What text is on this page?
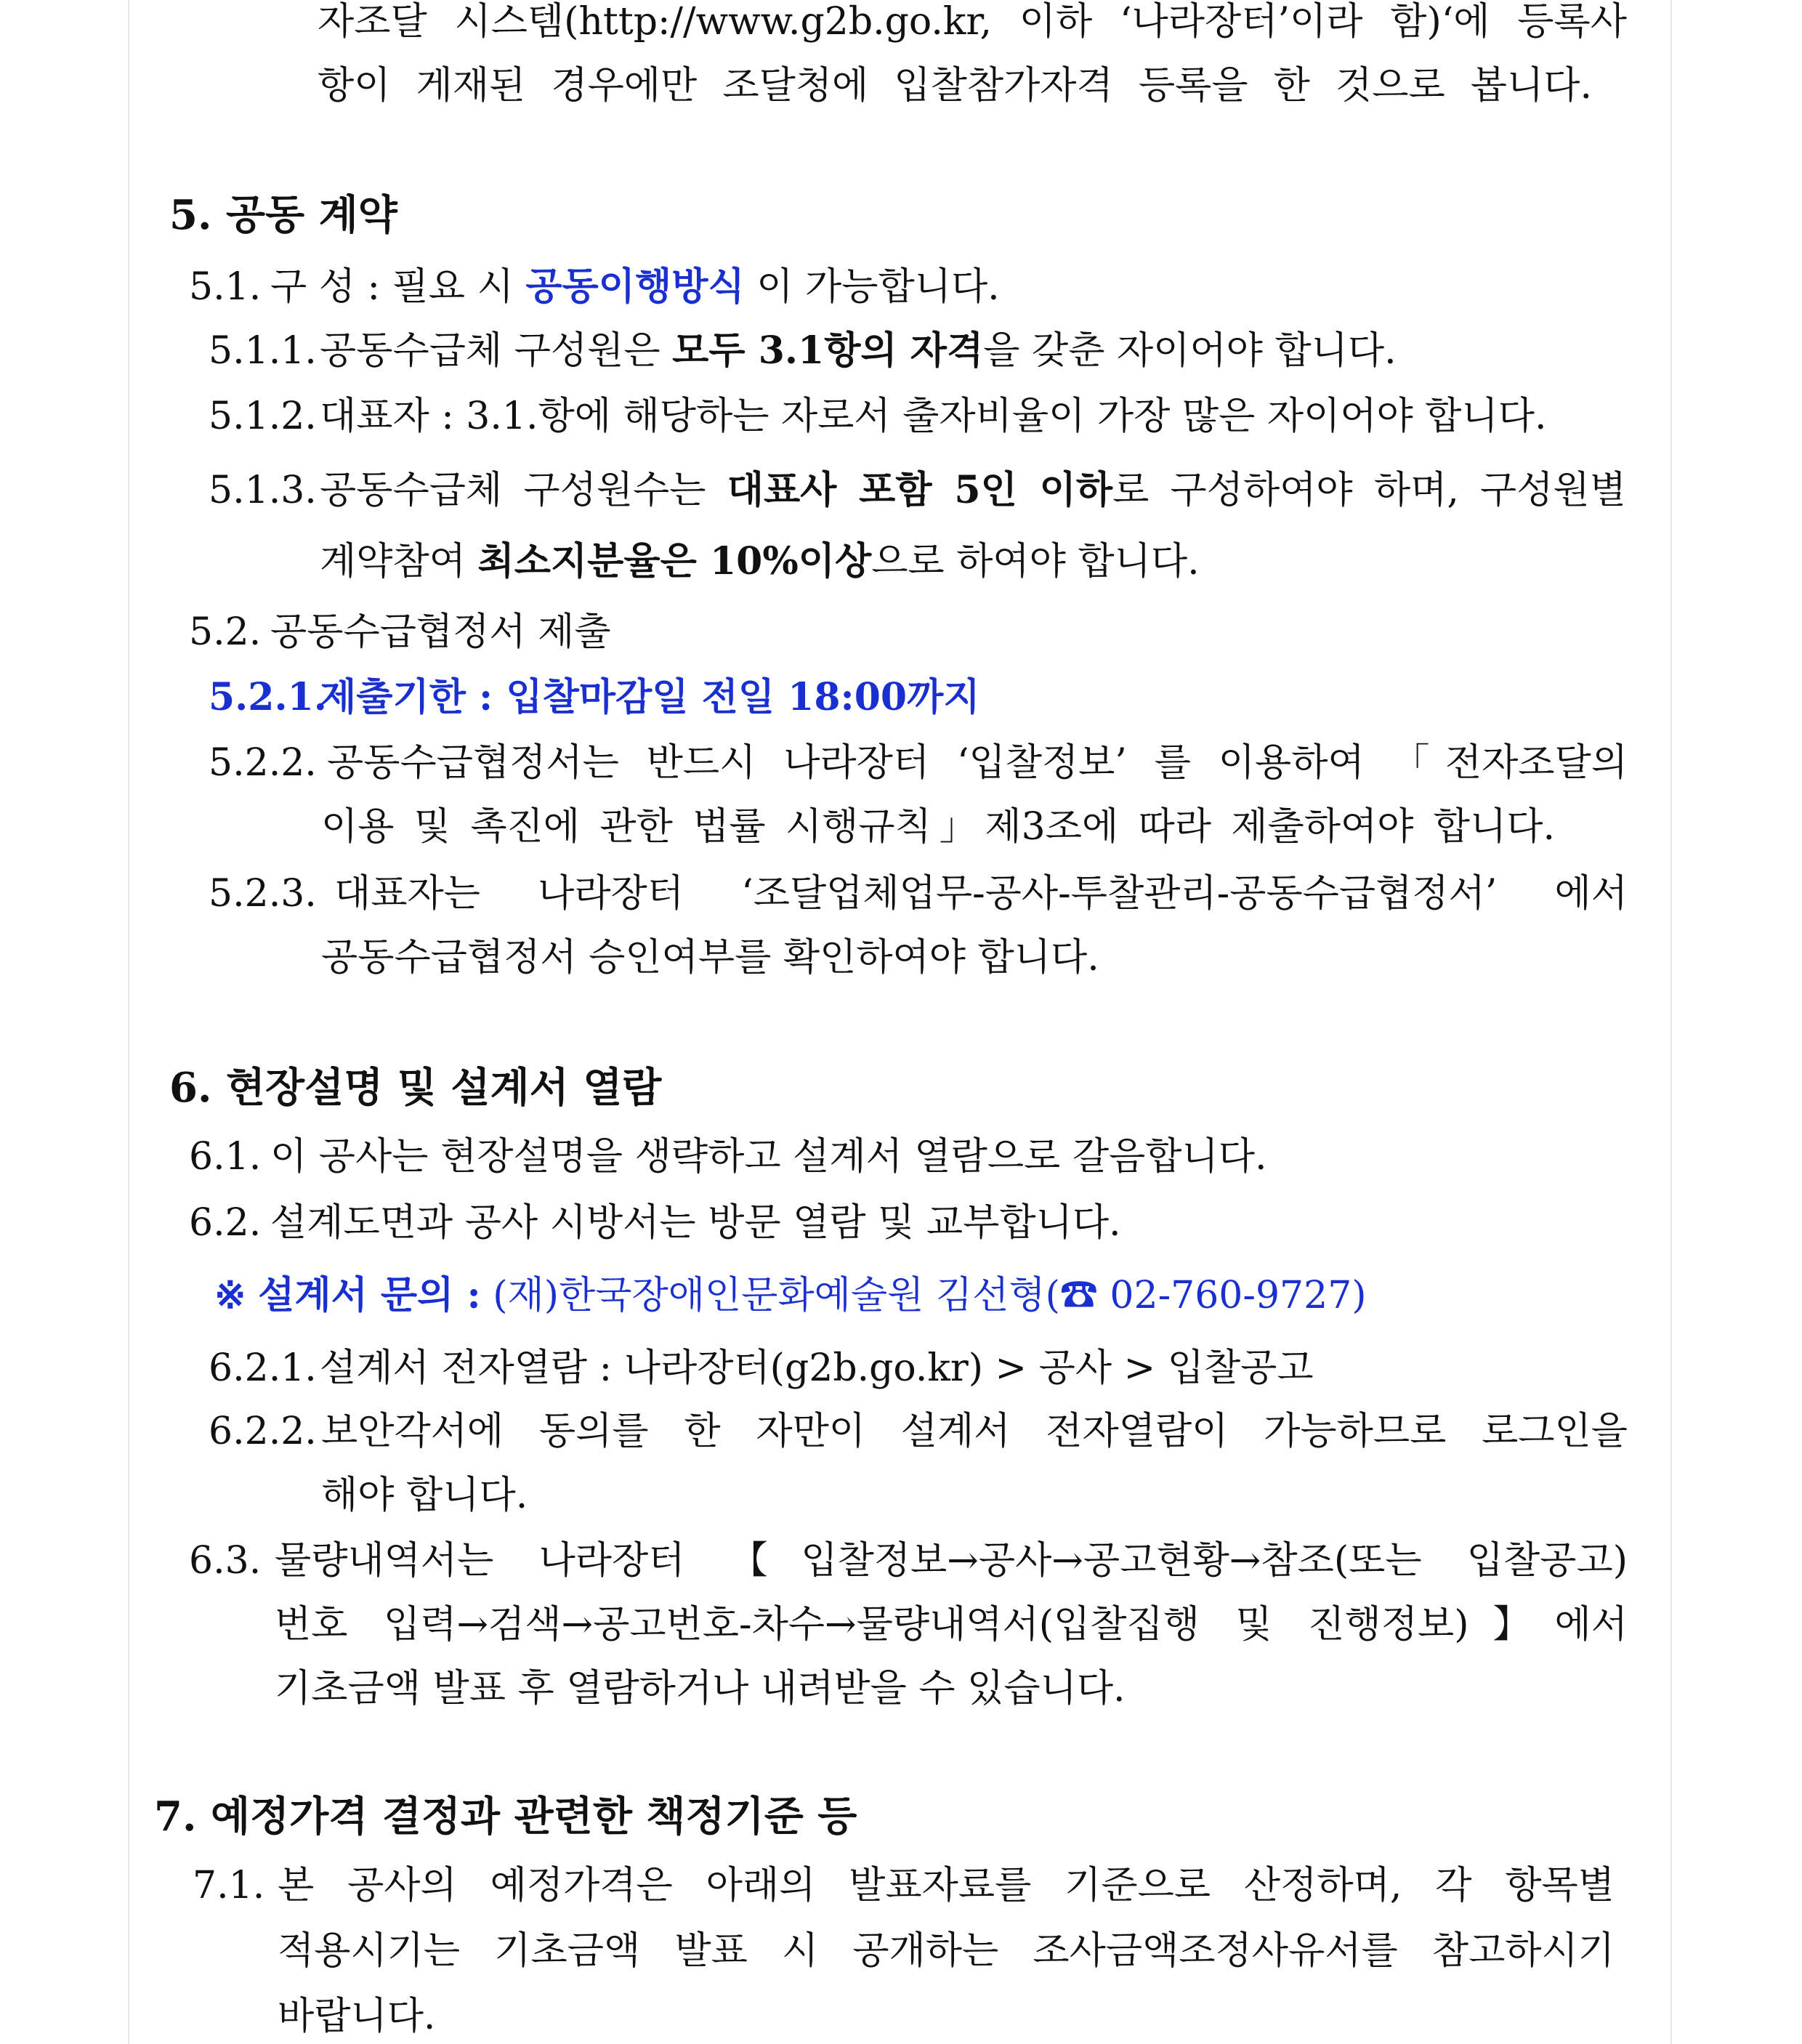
자조달 시스템(http://www.g2b.go.kr, 이하 ‘나라장터’이라 함)‘에 등록사
항이 게재된 경우에만 조달청에 입찰참가자격 등록을 한 것으로 봅니다.
5. 공동 계약
5.1. 구 성 : 필요 시 공동이행방식 이 가능합니다.
5.1.1. 공동수급체 구성원은 모두 3.1항의 자격을 갖춘 자이어야 합니다.
5.1.2. 대표자 : 3.1.항에 해당하는 자로서 출자비율이 가장 많은 자이어야 합니다.
5.1.3. 공동수급체 구성원수는 대표사 포함 5인 이하로 구성하여야 하며, 구성원별
계약참여 최소지분율은 10%이상으로 하여야 합니다.
5.2. 공동수급협정서 제출
5.2.1.
제출기한 : 입찰마감일 전일 18:00까지
5.2.2. 공동수급협정서는 반드시 나라장터 ‘입찰정보’ 를 이용하여 「전자조달의
이용 및 촉진에 관한 법률 시행규칙」제3조에 따라 제출하여야 합니다.
5.2.3. 대표자는 나라장터 ‘조달업체업무-공사-투찰관리-공동수급협정서’ 에서
공동수급협정서 승인여부를 확인하여야 합니다.
6. 현장설명 및 설계서 열람
6.1. 이 공사는 현장설명을 생략하고 설계서 열람으로 갈음합니다.
6.2. 설계도면과 공사 시방서는 방문 열람 및 교부합니다.
※ 설계서 문의 : (재)한국장애인문화예술원 김선형(☎ 02-760-9727)
6.2.1. 설계서 전자열람 : 나라장터(g2b.go.kr) > 공사 > 입찰공고
6.2.2. 보안각서에 동의를 한 자만이 설계서 전자열람이 가능하므로 로그인을
해야 합니다.
6.3. 물량내역서는 나라장터 【입찰정보→공사→공고현황→참조(또는 입찰공고)
번호 입력→검색→공고번호-차수→물량내역서(입찰집행 및 진행정보)】에서
기초금액 발표 후 열람하거나 내려받을 수 있습니다.
7. 예정가격 결정과 관련한 책정기준 등
7.1. 본 공사의 예정가격은 아래의 발표자료를 기준으로 산정하며, 각 항목별
적용시기는 기초금액 발표 시 공개하는 조사금액조정사유서를 참고하시기
바랍니다.
